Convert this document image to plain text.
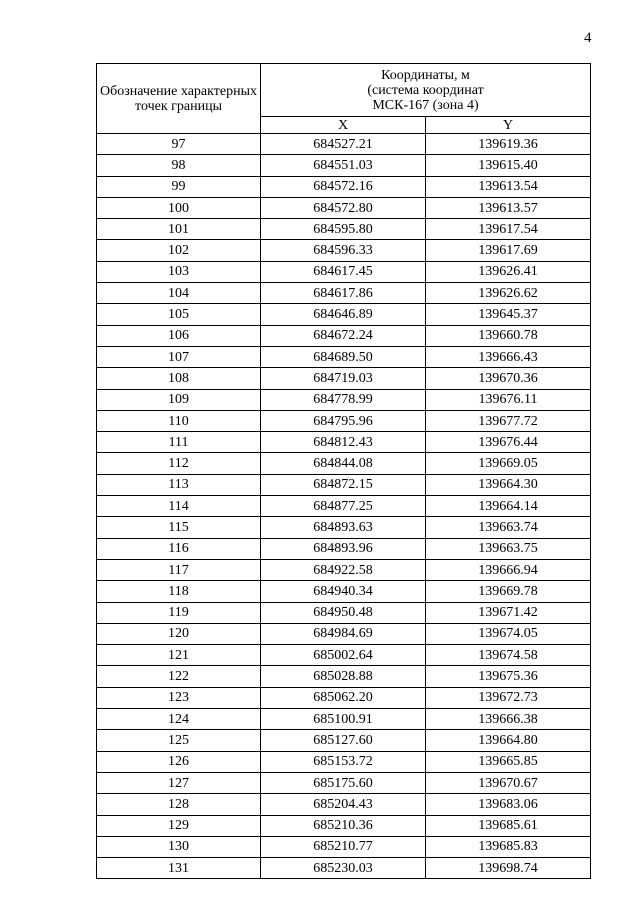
4
Обозначение характерных точек границы	Координаты, м
(система координат
МСК-167 (зона 4)	

	X	Y
97	684527.21	139619.36
98	684551.03	139615.40
99	684572.16	139613.54
100	684572.80	139613.57
101	684595.80	139617.54
102	684596.33	139617.69
103	684617.45	139626.41
104	684617.86	139626.62
105	684646.89	139645.37
106	684672.24	139660.78
107	684689.50	139666.43
108	684719.03	139670.36
109	684778.99	139676.11
110	684795.96	139677.72
111	684812.43	139676.44
112	684844.08	139669.05
113	684872.15	139664.30
114	684877.25	139664.14
115	684893.63	139663.74
116	684893.96	139663.75
117	684922.58	139666.94
118	684940.34	139669.78
119	684950.48	139671.42
120	684984.69	139674.05
121	685002.64	139674.58
122	685028.88	139675.36
123	685062.20	139672.73
124	685100.91	139666.38
125	685127.60	139664.80
126	685153.72	139665.85
127	685175.60	139670.67
128	685204.43	139683.06
129	685210.36	139685.61
130	685210.77	139685.83
131	685230.03	139698.74
